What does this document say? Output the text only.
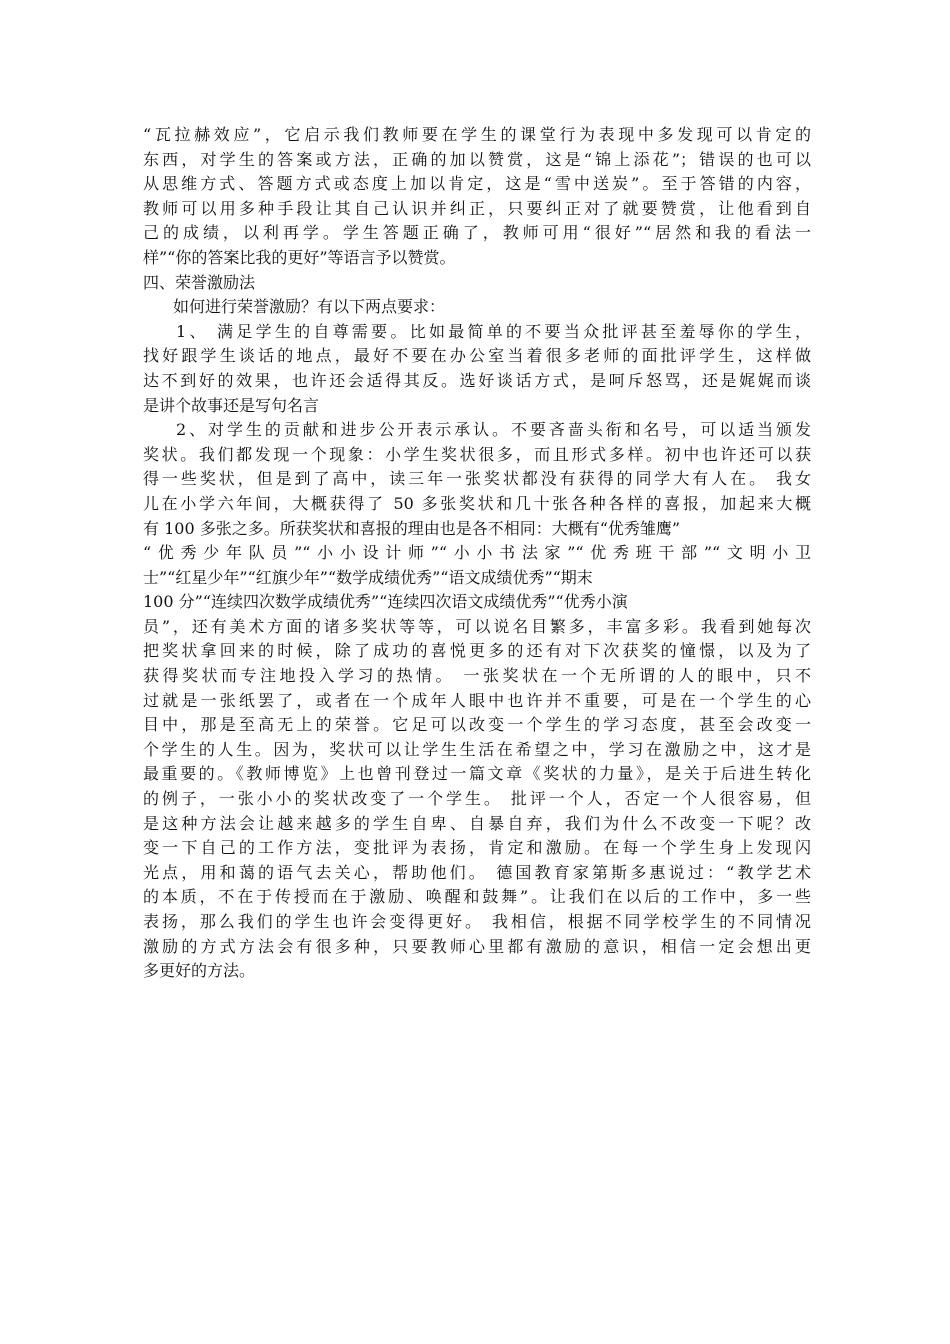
“瓦拉赫效应”，它启示我们教师要在学生的课堂行为表现中多发现可以肯定的
东西，对学生的答案或方法，正确的加以赞赏，这是“锦上添花”；错误的也可以
从思维方式、答题方式或态度上加以肯定，这是“雪中送炭”。至于答错的内容，
教师可以用多种手段让其自己认识并纠正，只要纠正对了就要赞赏，让他看到自
己的成绩，以利再学。学生答题正确了，教师可用“很好”“居然和我的看法一
样”“你的答案比我的更好”等语言予以赞赏。
四、荣誉激励法
如何进行荣誉激励？有以下两点要求：
1、 满足学生的自尊需要。比如最简单的不要当众批评甚至羞辱你的学生，
找好跟学生谈话的地点，最好不要在办公室当着很多老师的面批评学生，这样做
达不到好的效果，也许还会适得其反。选好谈话方式，是呵斥怒骂，还是娓娓而谈
是讲个故事还是写句名言
2、对学生的贡献和进步公开表示承认。不要吝啬头衔和名号，可以适当颁发
奖状。我们都发现一个现象：小学生奖状很多，而且形式多样。初中也许还可以获
得一些奖状，但是到了高中，读三年一张奖状都没有获得的同学大有人在。 我女
儿在小学六年间，大概获得了 50 多张奖状和几十张各种各样的喜报，加起来大概
有 100 多张之多。所获奖状和喜报的理由也是各不相同：大概有“优秀雏鹰”
“优秀少年队员”“小小设计师”“小小书法家”“优秀班干部”“文明小卫
士”“红星少年”“红旗少年”“数学成绩优秀”“语文成绩优秀”“期末
100 分”“连续四次数学成绩优秀”“连续四次语文成绩优秀”“优秀小演
员”，还有美术方面的诸多奖状等等，可以说名目繁多，丰富多彩。我看到她每次
把奖状拿回来的时候，除了成功的喜悦更多的还有对下次获奖的憧憬，以及为了
获得奖状而专注地投入学习的热情。 一张奖状在一个无所谓的人的眼中，只不
过就是一张纸罢了，或者在一个成年人眼中也许并不重要，可是在一个学生的心
目中，那是至高无上的荣誉。它足可以改变一个学生的学习态度，甚至会改变一
个学生的人生。因为，奖状可以让学生生活在希望之中，学习在激励之中，这才是
最重要的。《教师博览》上也曾刊登过一篇文章《奖状的力量》，是关于后进生转化
的例子，一张小小的奖状改变了一个学生。 批评一个人，否定一个人很容易，但
是这种方法会让越来越多的学生自卑、自暴自弃，我们为什么不改变一下呢？改
变一下自己的工作方法，变批评为表扬，肯定和激励。在每一个学生身上发现闪
光点，用和蔼的语气去关心，帮助他们。 德国教育家第斯多惠说过：“教学艺术
的本质，不在于传授而在于激励、唤醒和鼓舞”。让我们在以后的工作中，多一些
表扬，那么我们的学生也许会变得更好。 我相信，根据不同学校学生的不同情况
激励的方式方法会有很多种，只要教师心里都有激励的意识，相信一定会想出更
多更好的方法。
